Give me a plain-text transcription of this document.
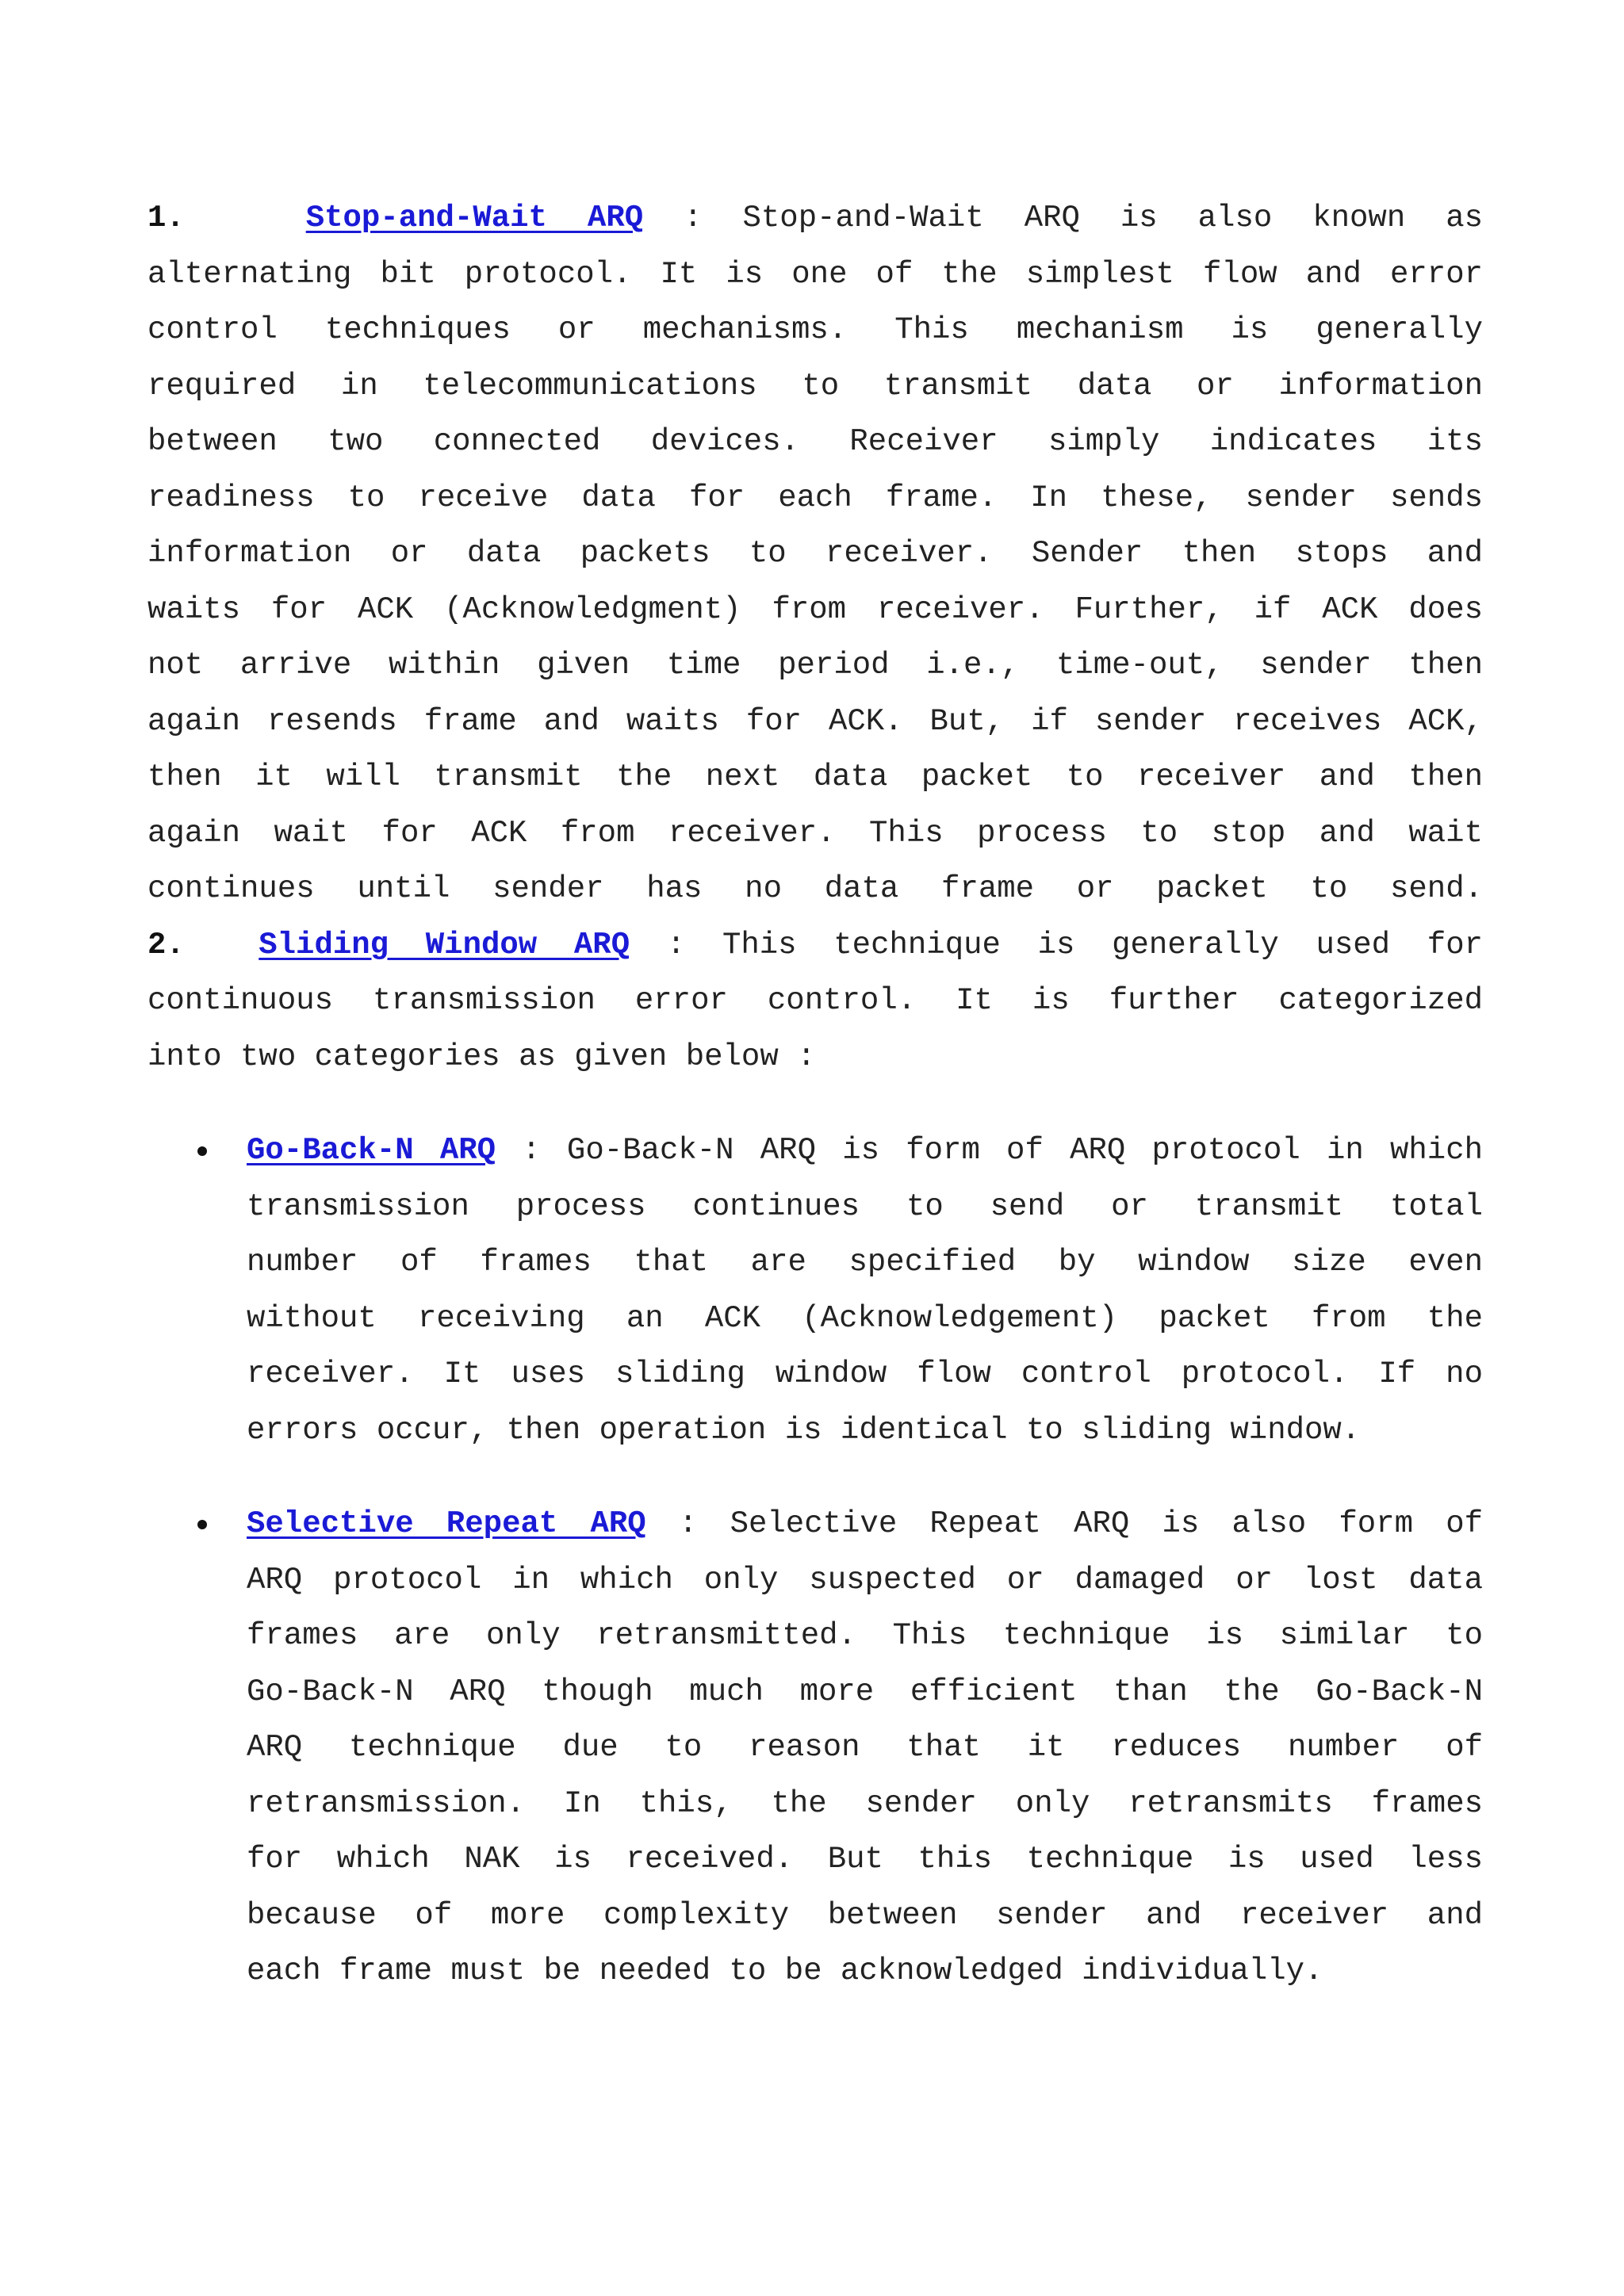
1.	Stop-and-Wait ARQ : Stop-and-Wait ARQ is also known as
alternating bit protocol. It is one of the simplest flow and error
control techniques or mechanisms. This mechanism is generally
required in telecommunications to transmit data or information
between two connected devices. Receiver simply indicates its
readiness to receive data for each frame. In these, sender sends
information or data packets to receiver. Sender then stops and
waits for ACK (Acknowledgment) from receiver. Further, if ACK does
not arrive within given time period i.e., time-out, sender then
again resends frame and waits for ACK. But, if sender receives ACK,
then it will transmit the next data packet to receiver and then
again wait for ACK from receiver. This process to stop and wait
continues until sender has no data frame or packet to send.
2. Sliding Window ARQ : This technique is generally used for
continuous transmission error control. It is further categorized
into two categories as given below :
Go-Back-N ARQ : Go-Back-N ARQ is form of ARQ protocol in which
transmission process continues to send or transmit total
number of frames that are specified by window size even
without receiving an ACK (Acknowledgement) packet from the
receiver. It uses sliding window flow control protocol. If no
errors occur, then operation is identical to sliding window.
Selective Repeat ARQ : Selective Repeat ARQ is also form of
ARQ protocol in which only suspected or damaged or lost data
frames are only retransmitted. This technique is similar to
Go-Back-N ARQ though much more efficient than the Go-Back-N
ARQ technique due to reason that it reduces number of
retransmission. In this, the sender only retransmits frames
for which NAK is received. But this technique is used less
because of more complexity between sender and receiver and
each frame must be needed to be acknowledged individually.
